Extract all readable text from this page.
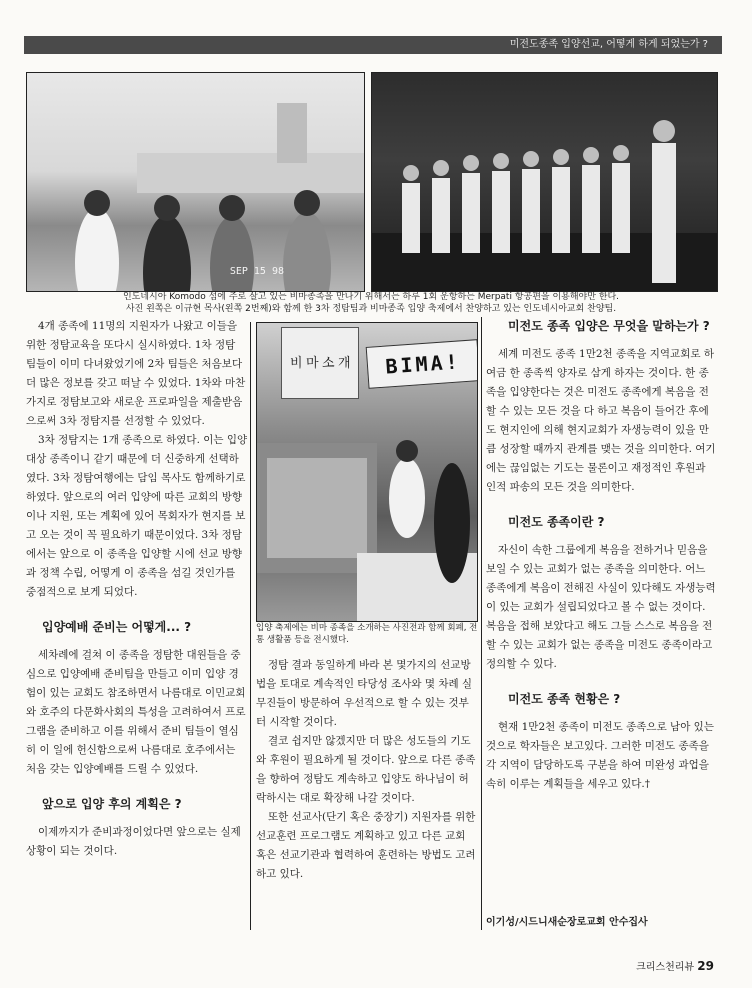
미전도종족 입양선교, 어떻게 하게 되었는가 ?
SEP 15 98
인도네시아 Komodo 섬에 주로 살고 있는 비마종족을 만나기 위해서는 하루 1회 운항하는 Merpati 항공편을 이용해야만 한다.
사진 왼쪽은 이규현 목사(왼쪽 2번째)와 함께 한 3차 정탐팀과 비마종족 입양 축제에서 찬양하고 있는 인도네시아교회 찬양팀.

4개 종족에 11명의 지원자가 나왔고 이들을 위한 정탐교육을 또다시 실시하였다. 1차 정탐 팀들이 이미 다녀왔었기에 2차 팀들은 처음보다 더 많은 정보를 갖고 떠날 수 있었다. 1차와 마찬가지로 정탐보고와 새로운 프로파일을 제출받음으로써 3차 정탐지를 선정할 수 있었다.

3차 정탐지는 1개 종족으로 하였다. 이는 입양 대상 종족이니 같기 때문에 더 신중하게 선택하였다. 3차 정탐여행에는 담임 목사도 함께하기로 하였다. 앞으로의 여러 입양에 따른 교회의 방향이나 지원, 또는 계획에 있어 목회자가 현지를 보고 오는 것이 꼭 필요하기 때문이었다. 3차 정탐에서는 앞으로 이 종족을 입양할 시에 선교 방향과 정책 수립, 어떻게 이 종족을 섬길 것인가를 중점적으로 보게 되었다.

입양예배 준비는 어떻게... ?

세차례에 걸쳐 이 종족을 정탐한 대원들을 중심으로 입양예배 준비팀을 만들고 이미 입양 경험이 있는 교회도 참조하면서 나름대로 이민교회와 호주의 다문화사회의 특성을 고려하여서 프로그램을 준비하고 이를 위해서 준비 팀들이 열심히 이 일에 헌신함으로써 나름대로 호주에서는 처음 갖는 입양예배를 드릴 수 있었다.

앞으로 입양 후의 계획은 ?

이제까지가 준비과정이었다면 앞으로는 실제 상황이 되는 것이다.

비 마 소 개	BIMA!
입양 축제에는 비마 종족을 소개하는 사진전과 함께 회폐, 전통 생활품 등을 전시했다.

정탐 결과 동일하게 바라 본 몇가지의 선교방법을 토대로 계속적인 타당성 조사와 몇 차례 실무진들이 방문하여 우선적으로 할 수 있는 것부터 시작할 것이다.

결코 쉽지만 않겠지만 더 많은 성도들의 기도와 후원이 필요하게 될 것이다. 앞으로 다른 종족을 향하여 정탐도 계속하고 입양도 하나님이 허락하시는 대로 확장해 나갈 것이다.

또한 선교사(단기 혹은 중장기) 지원자를 위한 선교훈련 프로그램도 계획하고 있고 다른 교회 혹은 선교기관과 협력하여 훈련하는 방법도 고려하고 있다.

미전도 종족 입양은 무엇을 말하는가 ?

세계 미전도 종족 1만2천 종족을 지역교회로 하여금 한 종족씩 양자로 삼게 하자는 것이다. 한 종족을 입양한다는 것은 미전도 종족에게 복음을 전할 수 있는 모든 것을 다 하고 복음이 들어간 후에도 현지인에 의해 현지교회가 자생능력이 있을 만큼 성장할 때까지 관계를 맺는 것을 의미한다. 여기에는 끊임없는 기도는 물론이고 재정적인 후원과 인적 파송의 모든 것을 의미한다.

미전도 종족이란 ?

자신이 속한 그룹에게 복음을 전하거나 믿음을 보일 수 있는 교회가 없는 종족을 의미한다. 어느 종족에게 복음이 전해진 사실이 있다해도 자생능력이 있는 교회가 설립되었다고 볼 수 없는 것이다. 복음을 접해 보았다고 해도 그들 스스로 복음을 전할 수 있는 교회가 없는 종족을 미전도 종족이라고 정의할 수 있다.

미전도 종족 현황은 ?

현재 1만2천 종족이 미전도 종족으로 남아 있는 것으로 학자들은 보고있다. 그러한 미전도 종족을 각 지역이 담당하도록 구분을 하여 미완성 과업을 속히 이루는 계획들을 세우고 있다.†

이기성/시드니새순장로교회 안수집사
크리스천리뷰 29
